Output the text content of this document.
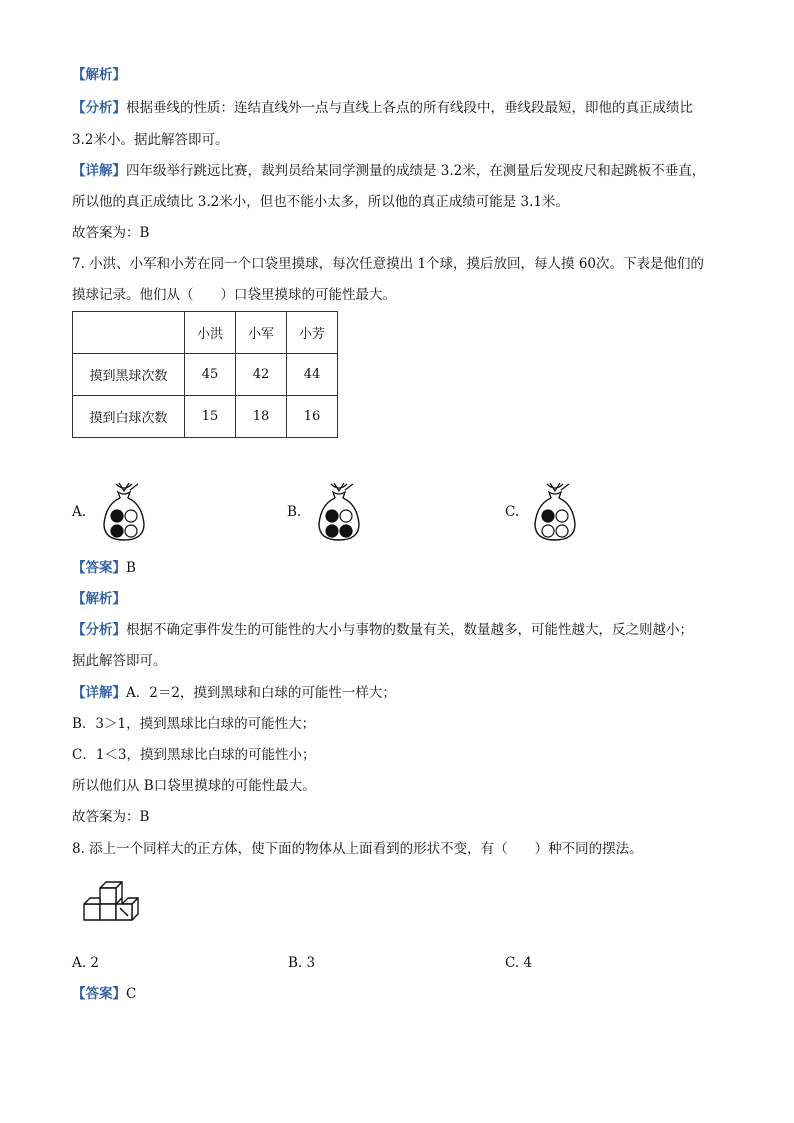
【解析】
【分析】根据垂线的性质：连结直线外一点与直线上各点的所有线段中，垂线段最短，即他的真正成绩比
3.2米小。据此解答即可。
【详解】四年级举行跳远比赛，裁判员给某同学测量的成绩是 3.2米，在测量后发现皮尺和起跳板不垂直，
所以他的真正成绩比 3.2米小，但也不能小太多，所以他的真正成绩可能是 3.1米。
故答案为：B
7. 小洪、小军和小芳在同一个口袋里摸球，每次任意摸出 1个球，摸后放回，每人摸 60次。下表是他们的
摸球记录。他们从（　　）口袋里摸球的可能性最大。
	小洪	小军	小芳
摸到黑球次数	45	42	44
摸到白球次数	15	18	16
A.	B.	C.
【答案】B
【解析】
【分析】根据不确定事件发生的可能性的大小与事物的数量有关，数量越多，可能性越大，反之则越小；
据此解答即可。
【详解】A．2＝2，摸到黑球和白球的可能性一样大；
B．3＞1，摸到黑球比白球的可能性大；
C．1＜3，摸到黑球比白球的可能性小；
所以他们从 B口袋里摸球的可能性最大。
故答案为：B
8. 添上一个同样大的正方体，使下面的物体从上面看到的形状不变，有（　　）种不同的摆法。
A. 2	B. 3	C. 4
【答案】C
